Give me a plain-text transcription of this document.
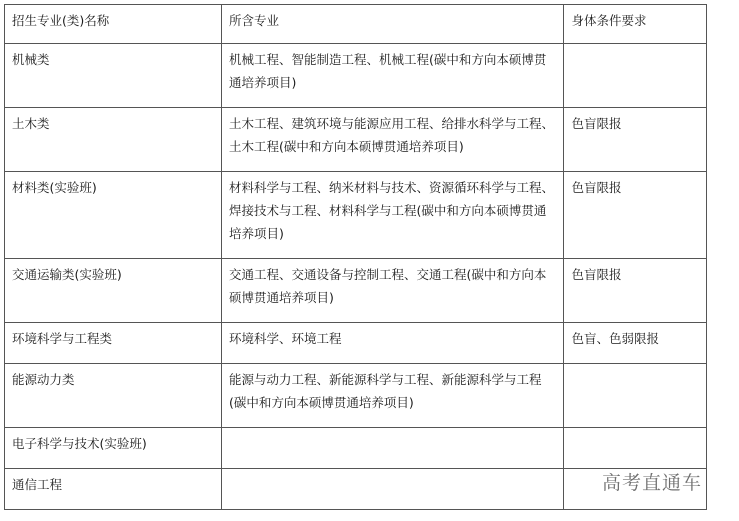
招生专业(类)名称	所含专业	身体条件要求
机械类	机械工程、智能制造工程、机械工程(碳中和方向本硕博贯通培养项目)	
土木类	土木工程、建筑环境与能源应用工程、给排水科学与工程、土木工程(碳中和方向本硕博贯通培养项目)	色盲限报
材料类(实验班)	材料科学与工程、纳米材料与技术、资源循环科学与工程、焊接技术与工程、材料科学与工程(碳中和方向本硕博贯通培养项目)	色盲限报
交通运输类(实验班)	交通工程、交通设备与控制工程、交通工程(碳中和方向本硕博贯通培养项目)	色盲限报
环境科学与工程类	环境科学、环境工程	色盲、色弱限报
能源动力类	能源与动力工程、新能源科学与工程、新能源科学与工程(碳中和方向本硕博贯通培养项目)	
电子科学与技术(实验班)		
通信工程			高考直通车
